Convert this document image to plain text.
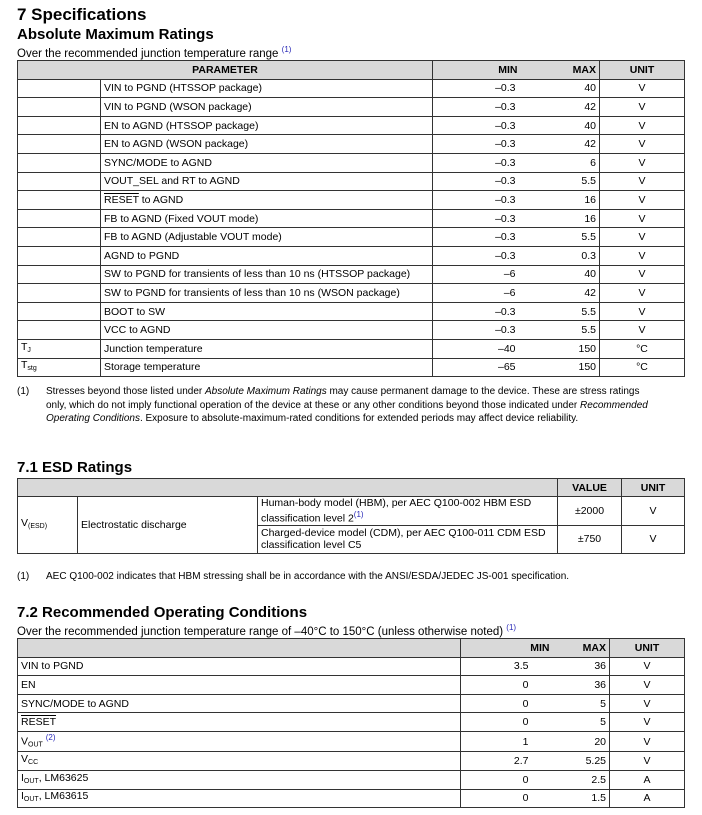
7 Specifications
Absolute Maximum Ratings
Over the recommended junction temperature range $^{(1)}$
PARAMETER		MIN	MAX	UNIT
	VIN to PGND (HTSSOP package)	–0.3	40	V
	VIN to PGND (WSON package)	–0.3	42	V
	EN to AGND (HTSSOP package)	–0.3	40	V
	EN to AGND (WSON package)	–0.3	42	V
	SYNC/MODE to AGND	–0.3	6	V
	VOUT_SEL and RT to AGND	–0.3	5.5	V
	RESET to AGND	–0.3	16	V
	FB to AGND (Fixed VOUT mode)	–0.3	16	V
	FB to AGND (Adjustable VOUT mode)	–0.3	5.5	V
	AGND to PGND	–0.3	0.3	V
	SW to PGND for transients of less than 10 ns (HTSSOP package)	–6	40	V
	SW to PGND for transients of less than 10 ns (WSON package)	–6	42	V
	BOOT to SW	–0.3	5.5	V
	VCC to AGND	–0.3	5.5	V
$T_J$	Junction temperature	–40	150	°C
$T_{stg}$	Storage temperature	–65	150	°C
(1) Stresses beyond those listed under Absolute Maximum Ratings may cause permanent damage to the device. These are stress ratings only, which do not imply functional operation of the device at these or any other conditions beyond those indicated under Recommended Operating Conditions. Exposure to absolute-maximum-rated conditions for extended periods may affect device reliability.
7.1 ESD Ratings
			VALUE	UNIT
$V_{(ESD)}$	Electrostatic discharge	Human-body model (HBM), per AEC Q100-002 HBM ESD classification level 2$^{(1)}$	±2000	V
		Charged-device model (CDM), per AEC Q100-011 CDM ESD classification level C5	±750	V
(1) AEC Q100-002 indicates that HBM stressing shall be in accordance with the ANSI/ESDA/JEDEC JS-001 specification.
7.2 Recommended Operating Conditions
Over the recommended junction temperature range of –40°C to 150°C (unless otherwise noted) $^{(1)}$
	MIN	MAX	UNIT
VIN to PGND	3.5	36	V
EN	0	36	V
SYNC/MODE to AGND	0	5	V
RESET	0	5	V
$V_{OUT}$ $^{(2)}$	1	20	V
$V_{CC}$	2.7	5.25	V
$I_{OUT}$, LM63625	0	2.5	A
$I_{OUT}$, LM63615	0	1.5	A
